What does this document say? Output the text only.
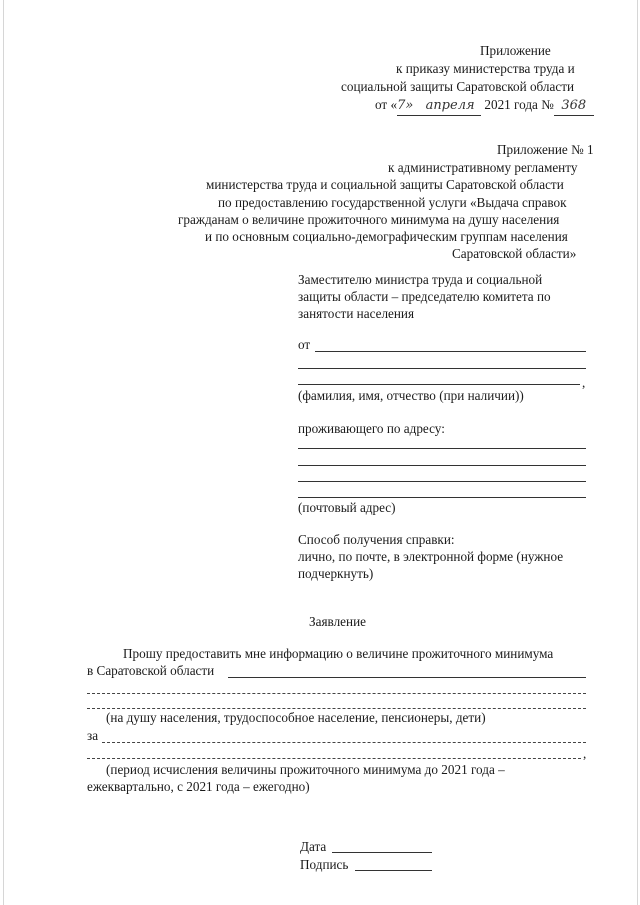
Приложение
к приказу министерства труда и
социальной защиты Саратовской области
от «7» апреля 2021 года № 368
Приложение № 1
к административному регламенту
министерства труда и социальной защиты Саратовской области
по предоставлению государственной услуги «Выдача справок
гражданам о величине прожиточного минимума на душу населения
и по основным социально-демографическим группам населения
Саратовской области»
Заместителю министра труда и социальной
защиты области – председателю комитета по
занятости населения
от
,
(фамилия, имя, отчество (при наличии))
проживающего по адресу:
(почтовый адрес)
Способ получения справки:
лично, по почте, в электронной форме (нужное
подчеркнуть)
Заявление
Прошу предоставить мне информацию о величине прожиточного минимума
в Саратовской области
(на душу населения, трудоспособное население, пенсионеры, дети)
за
,
(период исчисления величины прожиточного минимума до 2021 года –
ежеквартально, с 2021 года – ежегодно)
Дата
Подпись
